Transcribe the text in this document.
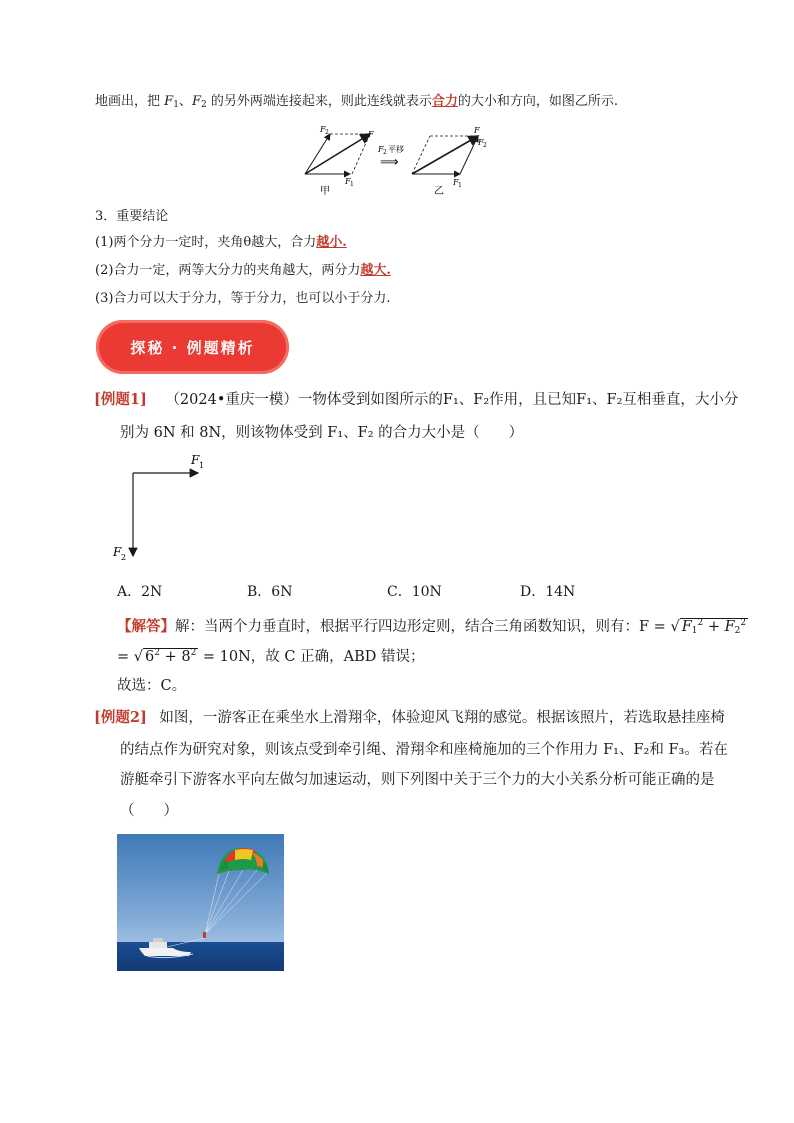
地画出，把 $F_1$、$F_2$ 的另外两端连接起来，则此连线就表示合力的大小和方向，如图乙所示.
F 2	F
F 1
甲
F 2 平移
⟹
F
F 2
F 1
乙
3．重要结论
(1)两个分力一定时，夹角θ越大，合力越小.
(2)合力一定，两等大分力的夹角越大，两分力越大.
(3)合力可以大于分力，等于分力，也可以小于分力.
探秘 · 例题精析
[例题1] （2024•重庆一模）一物体受到如图所示的F₁、F₂作用，且已知F₁、F₂互相垂直，大小分
别为 6N 和 8N，则该物体受到 F₁、F₂ 的合力大小是（　　）
F 1
F 2
A．2N	B．6N	C．10N	D．14N
【解答】解：当两个力垂直时，根据平行四边形定则，结合三角函数知识，则有：F = √ $F_1^2 + F_2^2$
= √ $6^2 + 8^2 = 10N$，故 C 正确，ABD 错误；
故选：C。
[例题2] 如图，一游客正在乘坐水上滑翔伞，体验迎风飞翔的感觉。根据该照片，若选取悬挂座椅
的结点作为研究对象，则该点受到牵引绳、滑翔伞和座椅施加的三个作用力 F₁、F₂和 F₃。若在
游艇牵引下游客水平向左做匀加速运动，则下列图中关于三个力的大小关系分析可能正确的是
（　　）
